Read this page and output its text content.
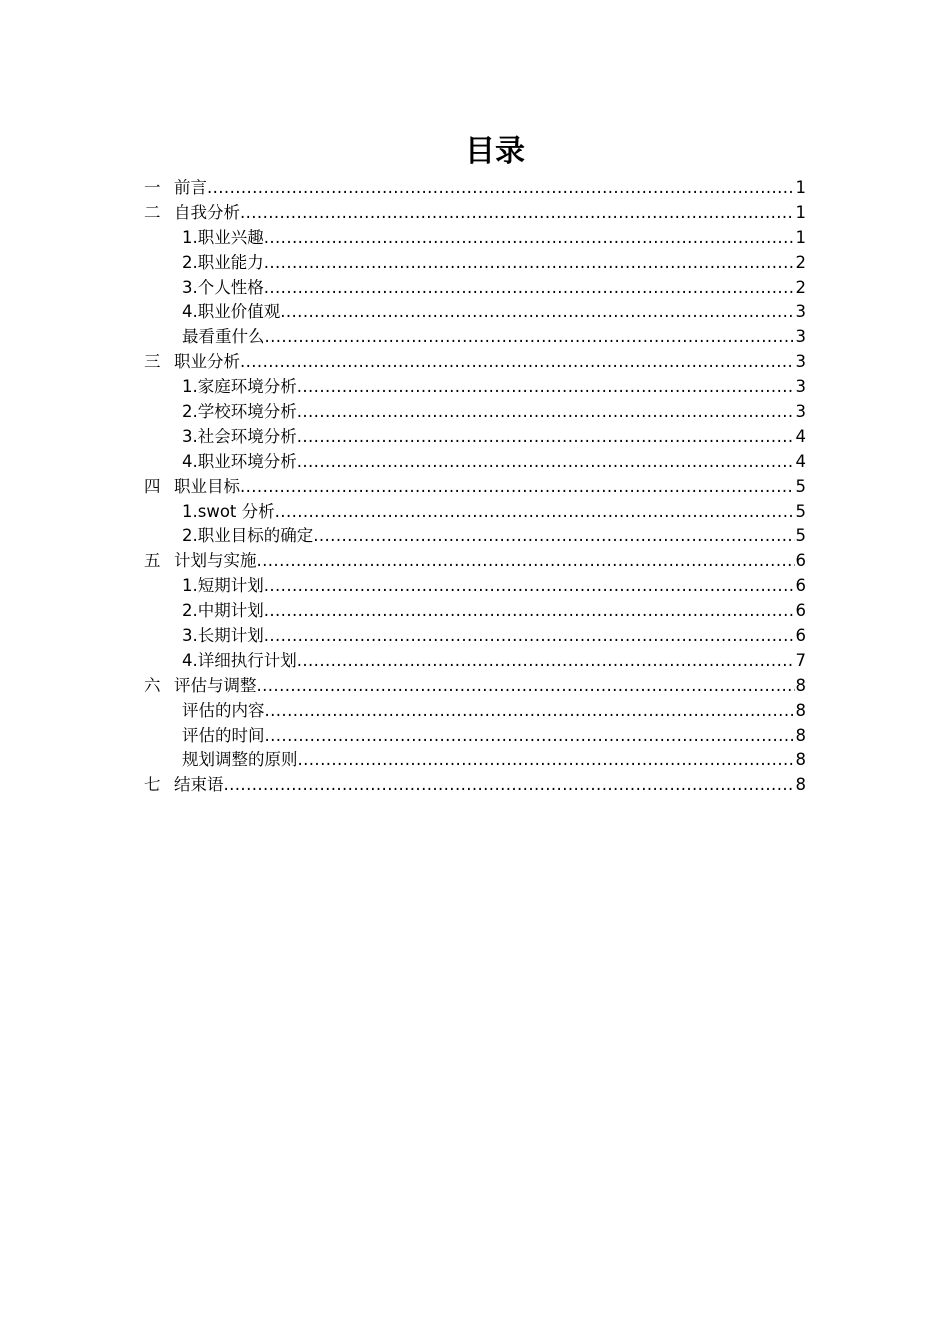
目录
一 前言 .....	1
二 自我分析 .....	1
1.职业兴趣 .....	1
2.职业能力 .....	2
3.个人性格 .....	2
4.职业价值观 .....	3
最看重什么 .....	3
三 职业分析 .....	3
1.家庭环境分析 .....	3
2.学校环境分析 .....	3
3.社会环境分析 .....	4
4.职业环境分析 .....	4
四 职业目标 .....	5
1.swot 分析 .....	5
2.职业目标的确定 .....	5
五 计划与实施 .....	6
1.短期计划 .....	6
2.中期计划 .....	6
3.长期计划 .....	6
4.详细执行计划 .....	7
六 评估与调整 .....	8
评估的内容 .....	8
评估的时间 .....	8
规划调整的原则 .....	8
七 结束语 .....	8
